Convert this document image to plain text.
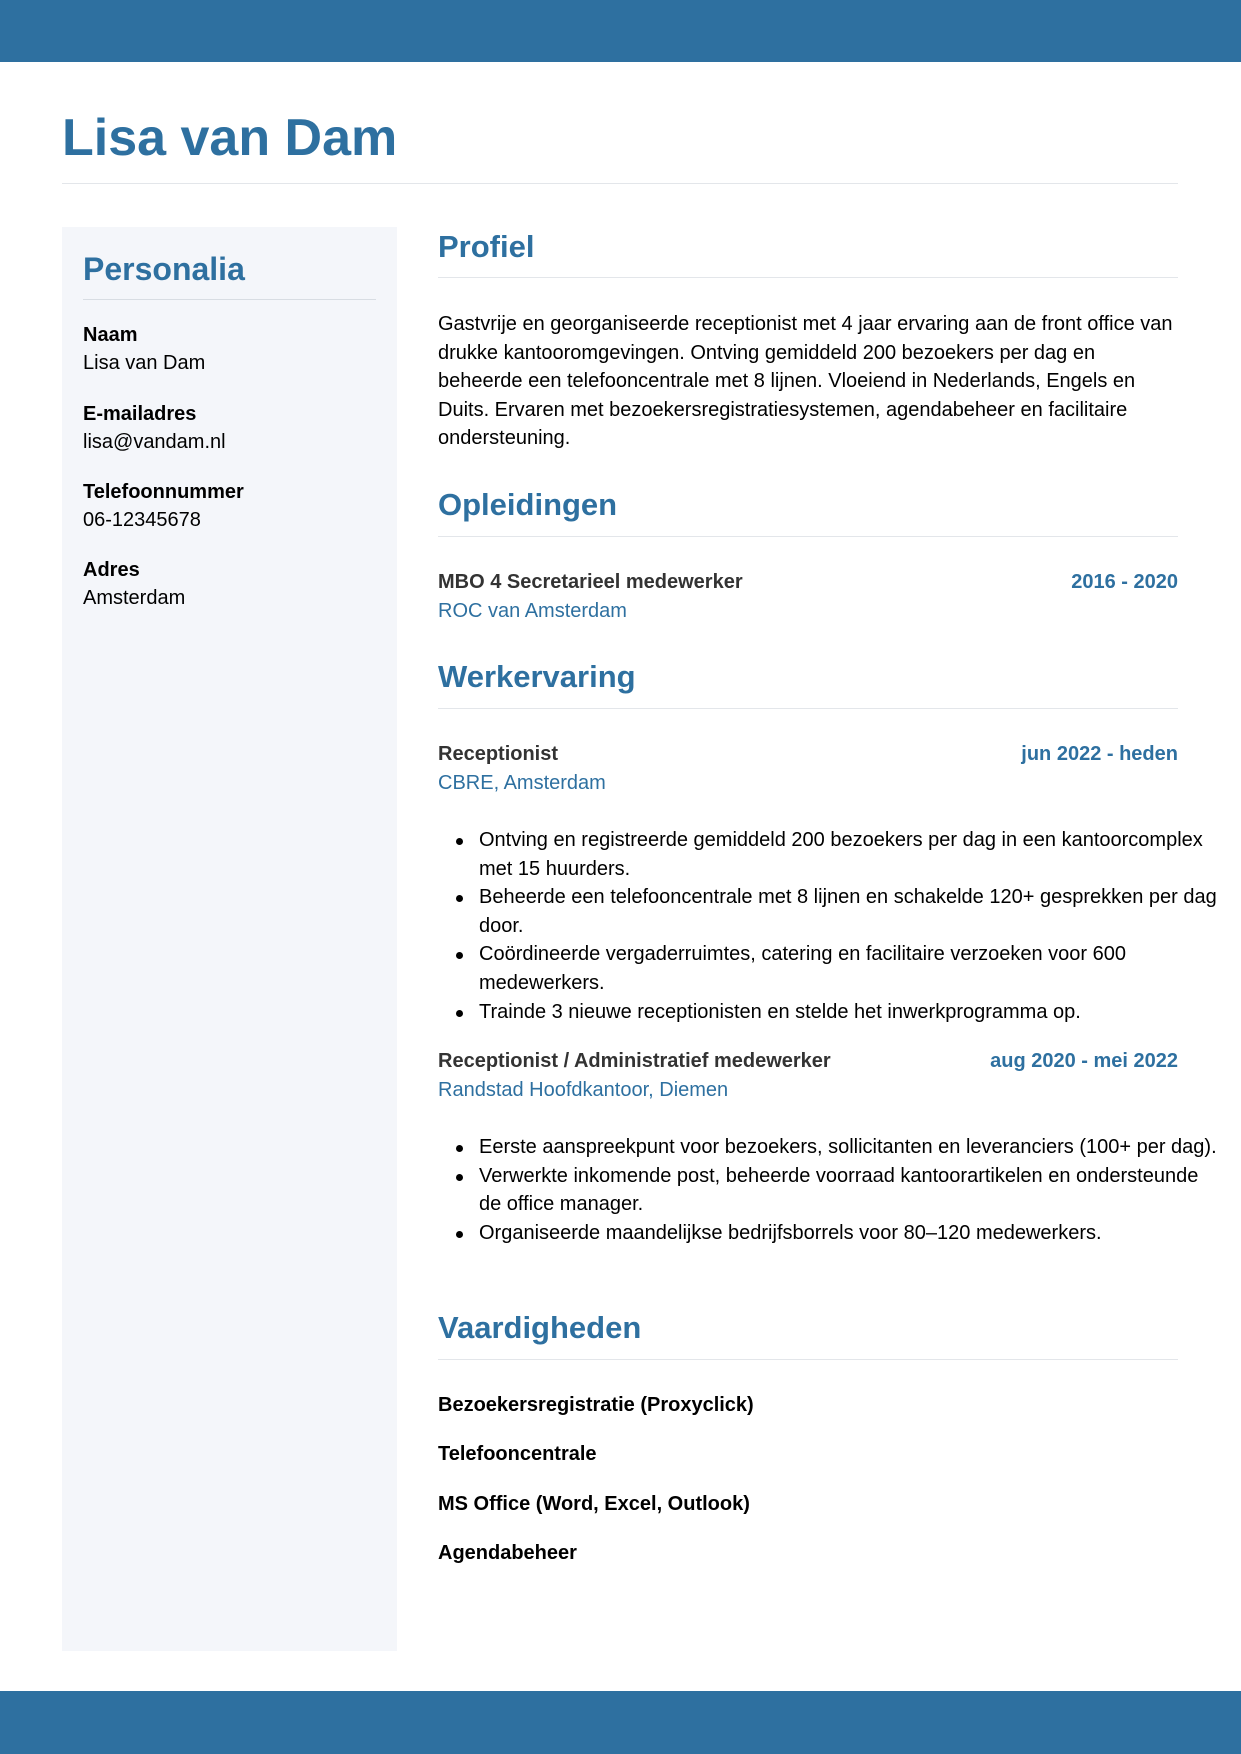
Lisa van Dam
Personalia
Naam
Lisa van Dam
E-mailadres
lisa@vandam.nl
Telefoonnummer
06-12345678
Adres
Amsterdam
Profiel

Gastvrije en georganiseerde receptionist met 4 jaar ervaring aan de front office van drukke kantooromgevingen. Ontving gemiddeld 200 bezoekers per dag en beheerde een telefooncentrale met 8 lijnen. Vloeiend in Nederlands, Engels en Duits. Ervaren met bezoekersregistratiesystemen, agendabeheer en facilitaire ondersteuning.

Opleidingen
MBO 4 Secretarieel medewerker	2016 - 2020
ROC van Amsterdam
Werkervaring
Receptionist	jun 2022 - heden
CBRE, Amsterdam
Ontving en registreerde gemiddeld 200 bezoekers per dag in een kantoorcomplex met 15 huurders.
Beheerde een telefooncentrale met 8 lijnen en schakelde 120+ gesprekken per dag door.
Coördineerde vergaderruimtes, catering en facilitaire verzoeken voor 600 medewerkers.
Trainde 3 nieuwe receptionisten en stelde het inwerkprogramma op.
Receptionist / Administratief medewerker	aug 2020 - mei 2022
Randstad Hoofdkantoor, Diemen
Eerste aanspreekpunt voor bezoekers, sollicitanten en leveranciers (100+ per dag).
Verwerkte inkomende post, beheerde voorraad kantoorartikelen en ondersteunde de office manager.
Organiseerde maandelijkse bedrijfsborrels voor 80–120 medewerkers.
Vaardigheden
Bezoekersregistratie (Proxyclick)
Telefooncentrale
MS Office (Word, Excel, Outlook)
Agendabeheer
